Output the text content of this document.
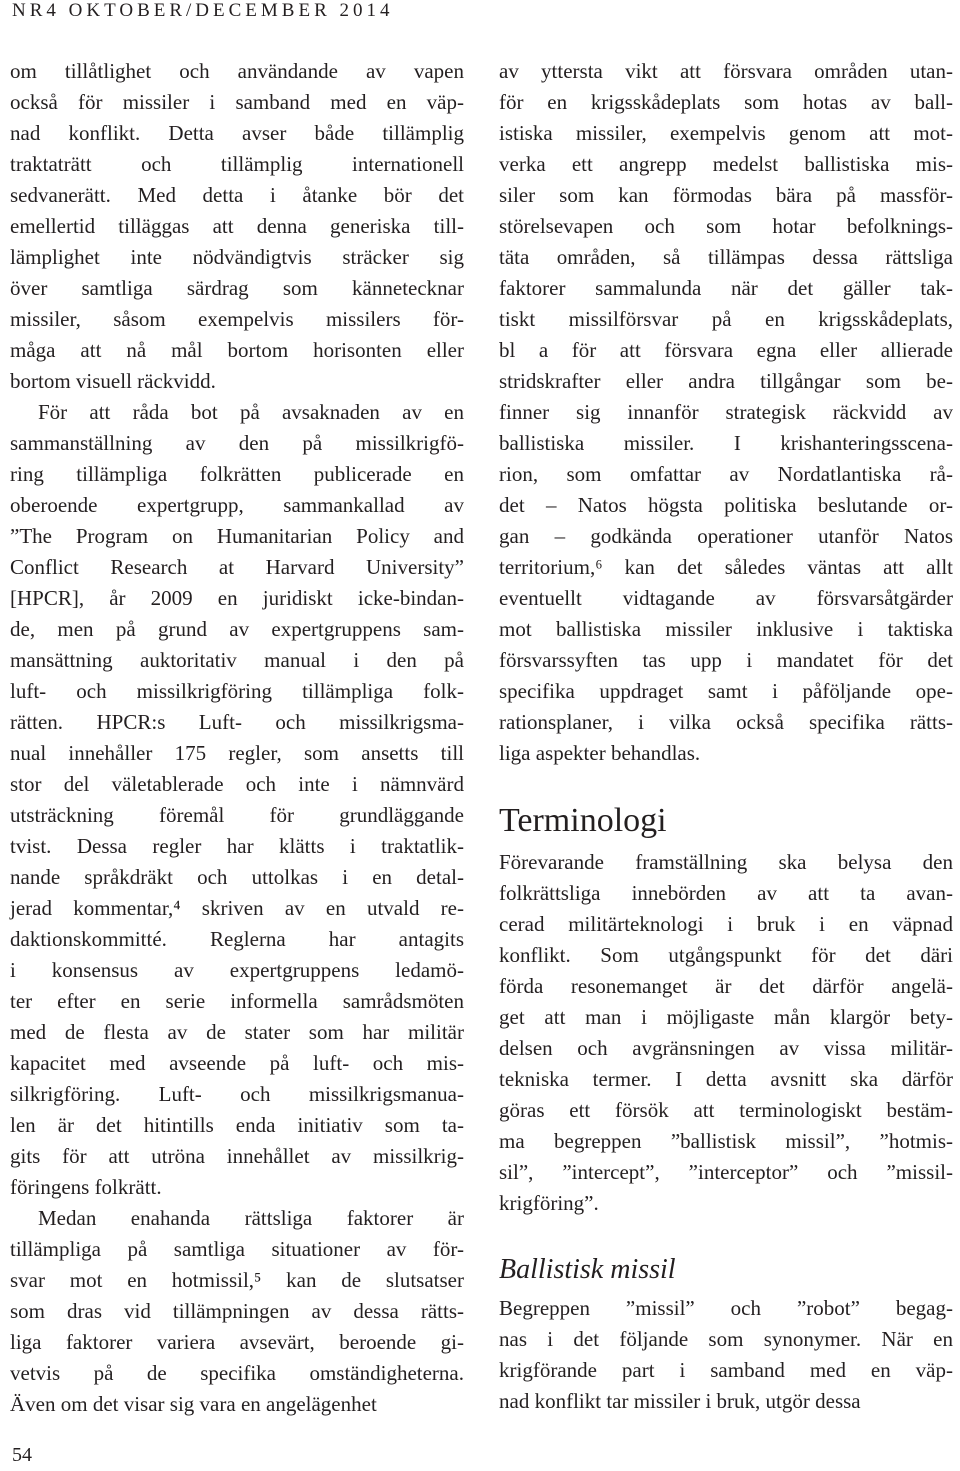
NR4 OKTOBER/DECEMBER 2014
om tillåtlighet och användande av vapen
också för missiler i samband med en väp-
nad konflikt. Detta avser både tillämplig
traktaträtt och tillämplig internationell
sedvanerätt. Med detta i åtanke bör det
emellertid tilläggas att denna generiska till-
lämplighet inte nödvändigtvis sträcker sig
över samtliga särdrag som kännetecknar
missiler, såsom exempelvis missilers för-
måga att nå mål bortom horisonten eller
bortom visuell räckvidd.
För att råda bot på avsaknaden av en
sammanställning av den på missilkrigfö-
ring tillämpliga folkrätten publicerade en
oberoende expertgrupp, sammankallad av
”The Program on Humanitarian Policy and
Conflict Research at Harvard University”
[HPCR], år 2009 en juridiskt icke-bindan-
de, men på grund av expertgruppens sam-
mansättning auktoritativ manual i den på
luft- och missilkrigföring tillämpliga folk-
rätten. HPCR:s Luft- och missilkrigsma-
nual innehåller 175 regler, som ansetts till
stor del väletablerade och inte i nämnvärd
utsträckning föremål för grundläggande
tvist. Dessa regler har klätts i traktatlik-
nande språkdräkt och uttolkas i en detal-
jerad kommentar,⁴ skriven av en utvald re-
daktionskommitté. Reglerna har antagits
i konsensus av expertgruppens ledamö-
ter efter en serie informella samrådsmöten
med de flesta av de stater som har militär
kapacitet med avseende på luft- och mis-
silkrigföring. Luft- och missilkrigsmanua-
len är det hitintills enda initiativ som ta-
gits för att utröna innehållet av missilkrig-
föringens folkrätt.
Medan enahanda rättsliga faktorer är
tillämpliga på samtliga situationer av för-
svar mot en hotmissil,⁵ kan de slutsatser
som dras vid tillämpningen av dessa rätts-
liga faktorer variera avsevärt, beroende gi-
vetvis på de specifika omständigheterna.
Även om det visar sig vara en angelägenhet
av yttersta vikt att försvara områden utan-
för en krigsskådeplats som hotas av ball-
istiska missiler, exempelvis genom att mot-
verka ett angrepp medelst ballistiska mis-
siler som kan förmodas bära på massför-
störelsevapen och som hotar befolknings-
täta områden, så tillämpas dessa rättsliga
faktorer sammalunda när det gäller tak-
tiskt missilförsvar på en krigsskådeplats,
bl a för att försvara egna eller allierade
stridskrafter eller andra tillgångar som be-
finner sig innanför strategisk räckvidd av
ballistiska missiler. I krishanteringsscena-
rion, som omfattar av Nordatlantiska rå-
det – Natos högsta politiska beslutande or-
gan – godkända operationer utanför Natos
territorium,⁶ kan det således väntas att allt
eventuellt vidtagande av försvarsåtgärder
mot ballistiska missiler inklusive i taktiska
försvarssyften tas upp i mandatet för det
specifika uppdraget samt i påföljande ope-
rationsplaner, i vilka också specifika rätts-
liga aspekter behandlas.
Terminologi
Förevarande framställning ska belysa den
folkrättsliga innebörden av att ta avan-
cerad militärteknologi i bruk i en väpnad
konflikt. Som utgångspunkt för det däri
förda resonemanget är det därför angelä-
get att man i möjligaste mån klargör bety-
delsen och avgränsningen av vissa militär-
tekniska termer. I detta avsnitt ska därför
göras ett försök att terminologiskt bestäm-
ma begreppen ”ballistisk missil”, ”hotmis-
sil”, ”intercept”, ”interceptor” och ”missil-
krigföring”.
Ballistisk missil
Begreppen ”missil” och ”robot” begag-
nas i det följande som synonymer. När en
krigförande part i samband med en väp-
nad konflikt tar missiler i bruk, utgör dessa
54
